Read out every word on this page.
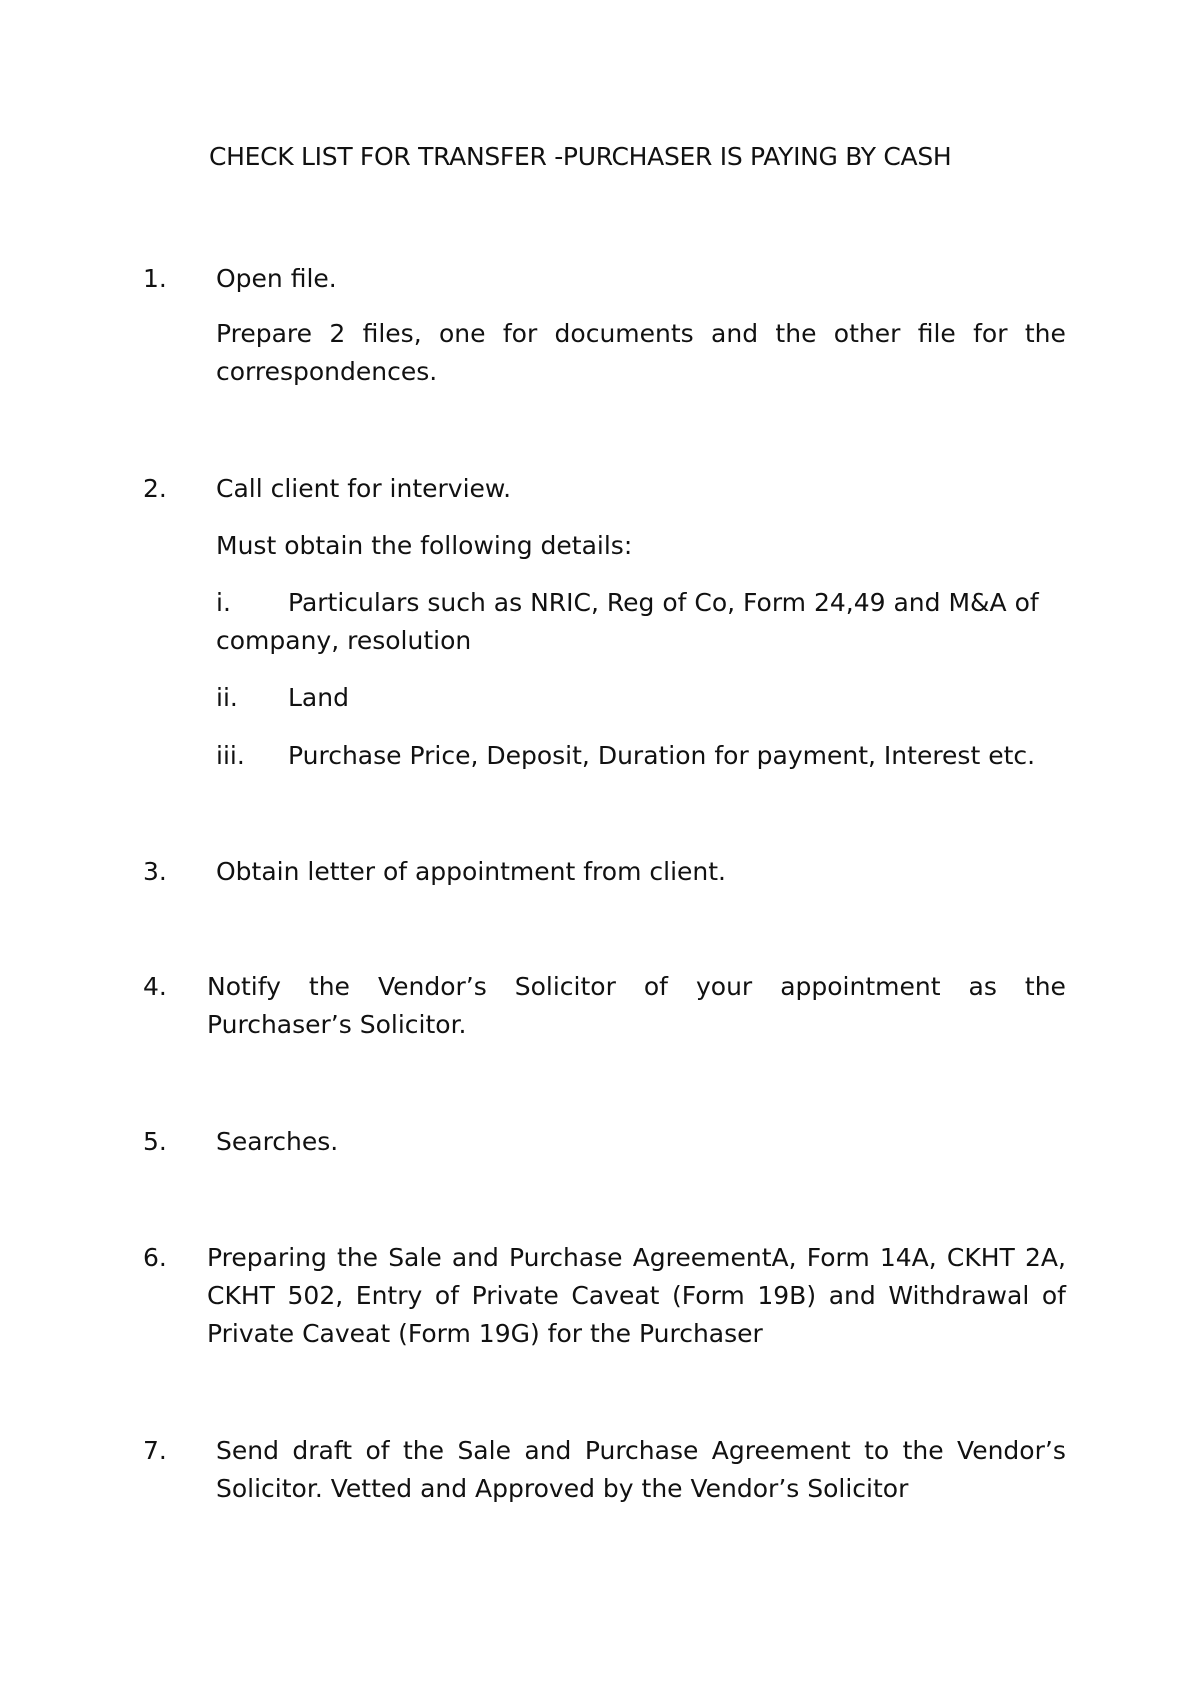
CHECK LIST FOR TRANSFER -PURCHASER IS PAYING BY CASH
1. Open file.
Prepare 2 files, one for documents and the other file for the
correspondences.
2. Call client for interview.
Must obtain the following details:
i. Particulars such as NRIC, Reg of Co, Form 24,49 and M&A of
company, resolution
ii. Land
iii. Purchase Price, Deposit, Duration for payment, Interest etc.
3. Obtain letter of appointment from client.
4. Notify the Vendor’s Solicitor of your appointment as the
Purchaser’s Solicitor.
5. Searches.
6. Preparing the Sale and Purchase AgreementA, Form 14A, CKHT 2A,
CKHT 502, Entry of Private Caveat (Form 19B) and Withdrawal of
Private Caveat (Form 19G) for the Purchaser
7. Send draft of the Sale and Purchase Agreement to the Vendor’s
Solicitor. Vetted and Approved by the Vendor’s Solicitor
